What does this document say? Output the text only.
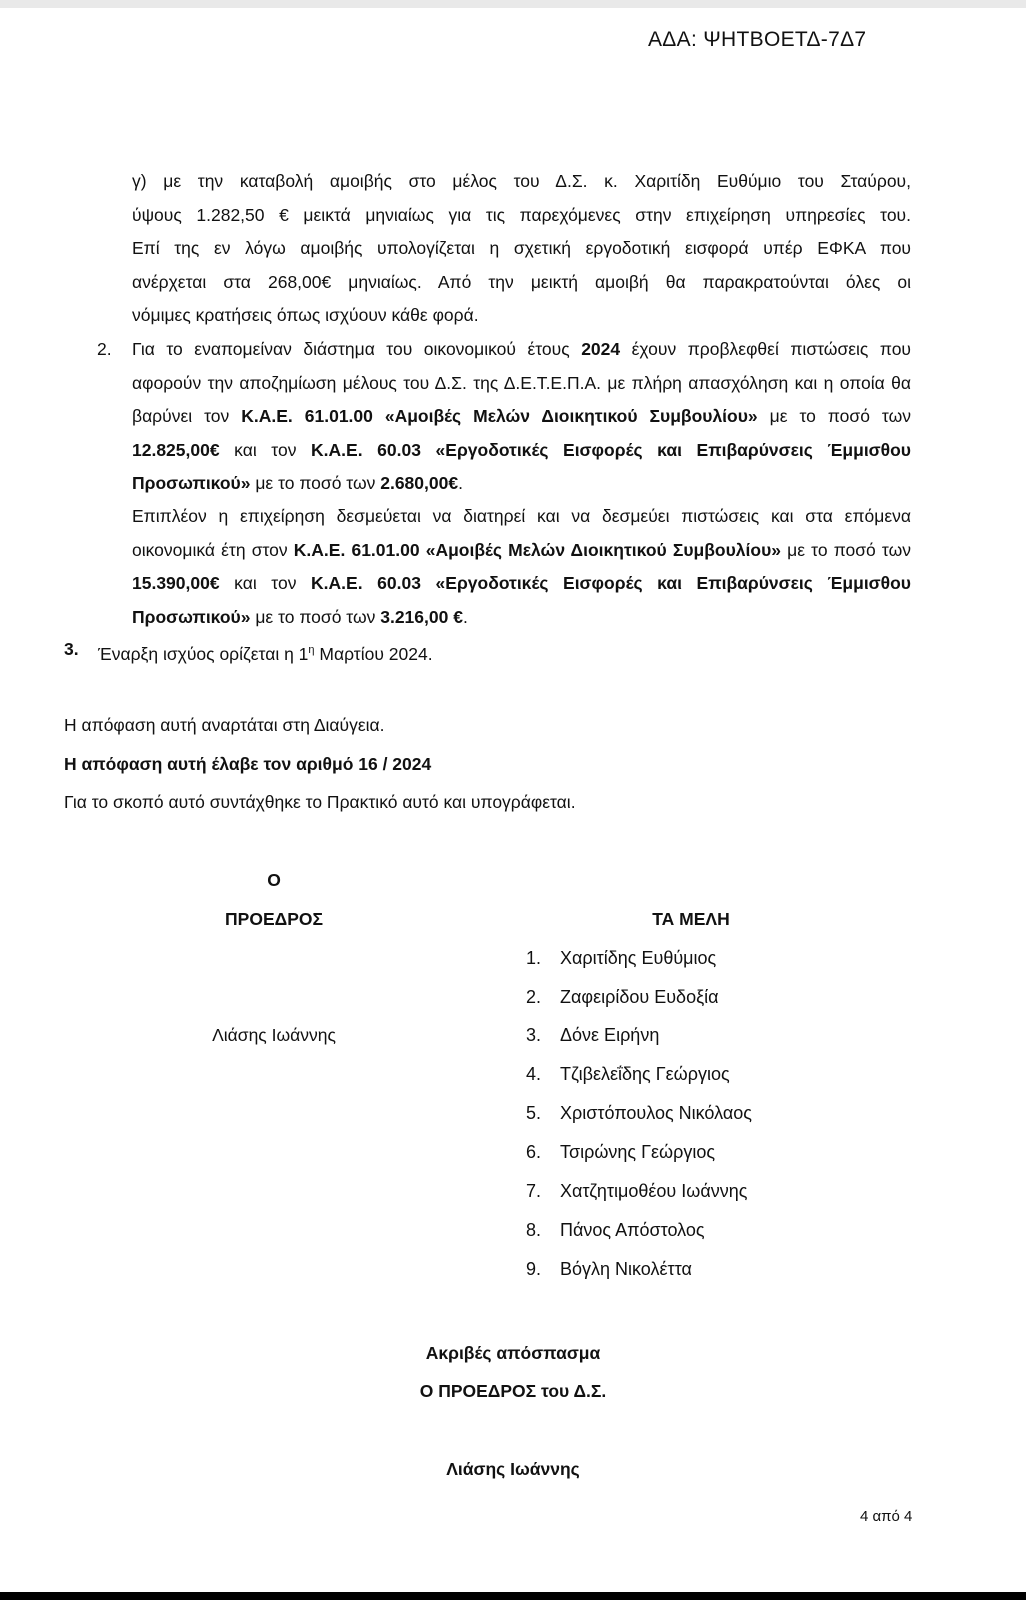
ΑΔΑ: ΨΗΤΒΟΕΤΔ-7Δ7
γ) με την καταβολή αμοιβής στο μέλος του Δ.Σ. κ. Χαριτίδη Ευθύμιο του Σταύρου,
ύψους 1.282,50 € μεικτά μηνιαίως για τις παρεχόμενες στην επιχείρηση υπηρεσίες του.
Επί της εν λόγω αμοιβής υπολογίζεται η σχετική εργοδοτική εισφορά υπέρ ΕΦΚΑ που
ανέρχεται στα 268,00€ μηνιαίως. Από την μεικτή αμοιβή θα παρακρατούνται όλες οι
νόμιμες κρατήσεις όπως ισχύουν κάθε φορά.
2. Για το εναπομείναν διάστημα του οικονομικού έτους 2024 έχουν προβλεφθεί πιστώσεις που αφορούν την αποζημίωση μέλους του Δ.Σ. της Δ.Ε.Τ.Ε.Π.Α. με πλήρη απασχόληση και η οποία θα βαρύνει τον Κ.Α.Ε. 61.01.00 «Αμοιβές Μελών Διοικητικού Συμβουλίου» με το ποσό των 12.825,00€ και τον Κ.Α.Ε. 60.03 «Εργοδοτικές Εισφορές και Επιβαρύνσεις Έμμισθου Προσωπικού» με το ποσό των 2.680,00€.
Επιπλέον η επιχείρηση δεσμεύεται να διατηρεί και να δεσμεύει πιστώσεις και στα επόμενα οικονομικά έτη στον Κ.Α.Ε. 61.01.00 «Αμοιβές Μελών Διοικητικού Συμβουλίου» με το ποσό των 15.390,00€ και τον Κ.Α.Ε. 60.03 «Εργοδοτικές Εισφορές και Επιβαρύνσεις Έμμισθου Προσωπικού» με το ποσό των 3.216,00 €.
3. Έναρξη ισχύος ορίζεται η $1^\eta$ Μαρτίου 2024.
Η απόφαση αυτή αναρτάται στη Διαύγεια.
Η απόφαση αυτή έλαβε τον αριθμό 16 / 2024
Για το σκοπό αυτό συντάχθηκε το Πρακτικό αυτό και υπογράφεται.
Ο
ΠΡΟΕΔΡΟΣ
Λιάσης Ιωάννης
ΤΑ ΜΕΛΗ
1. Χαριτίδης Ευθύμιος
2. Ζαφειρίδου Ευδοξία
3. Δόνε Ειρήνη
4. Τζιβελεΐδης Γεώργιος
5. Χριστόπουλος Νικόλαος
6. Τσιρώνης Γεώργιος
7. Χατζητιμοθέου Ιωάννης
8. Πάνος Απόστολος
9. Βόγλη Νικολέττα
Ακριβές απόσπασμα
Ο ΠΡΟΕΔΡΟΣ του Δ.Σ.
Λιάσης Ιωάννης
4 από 4
